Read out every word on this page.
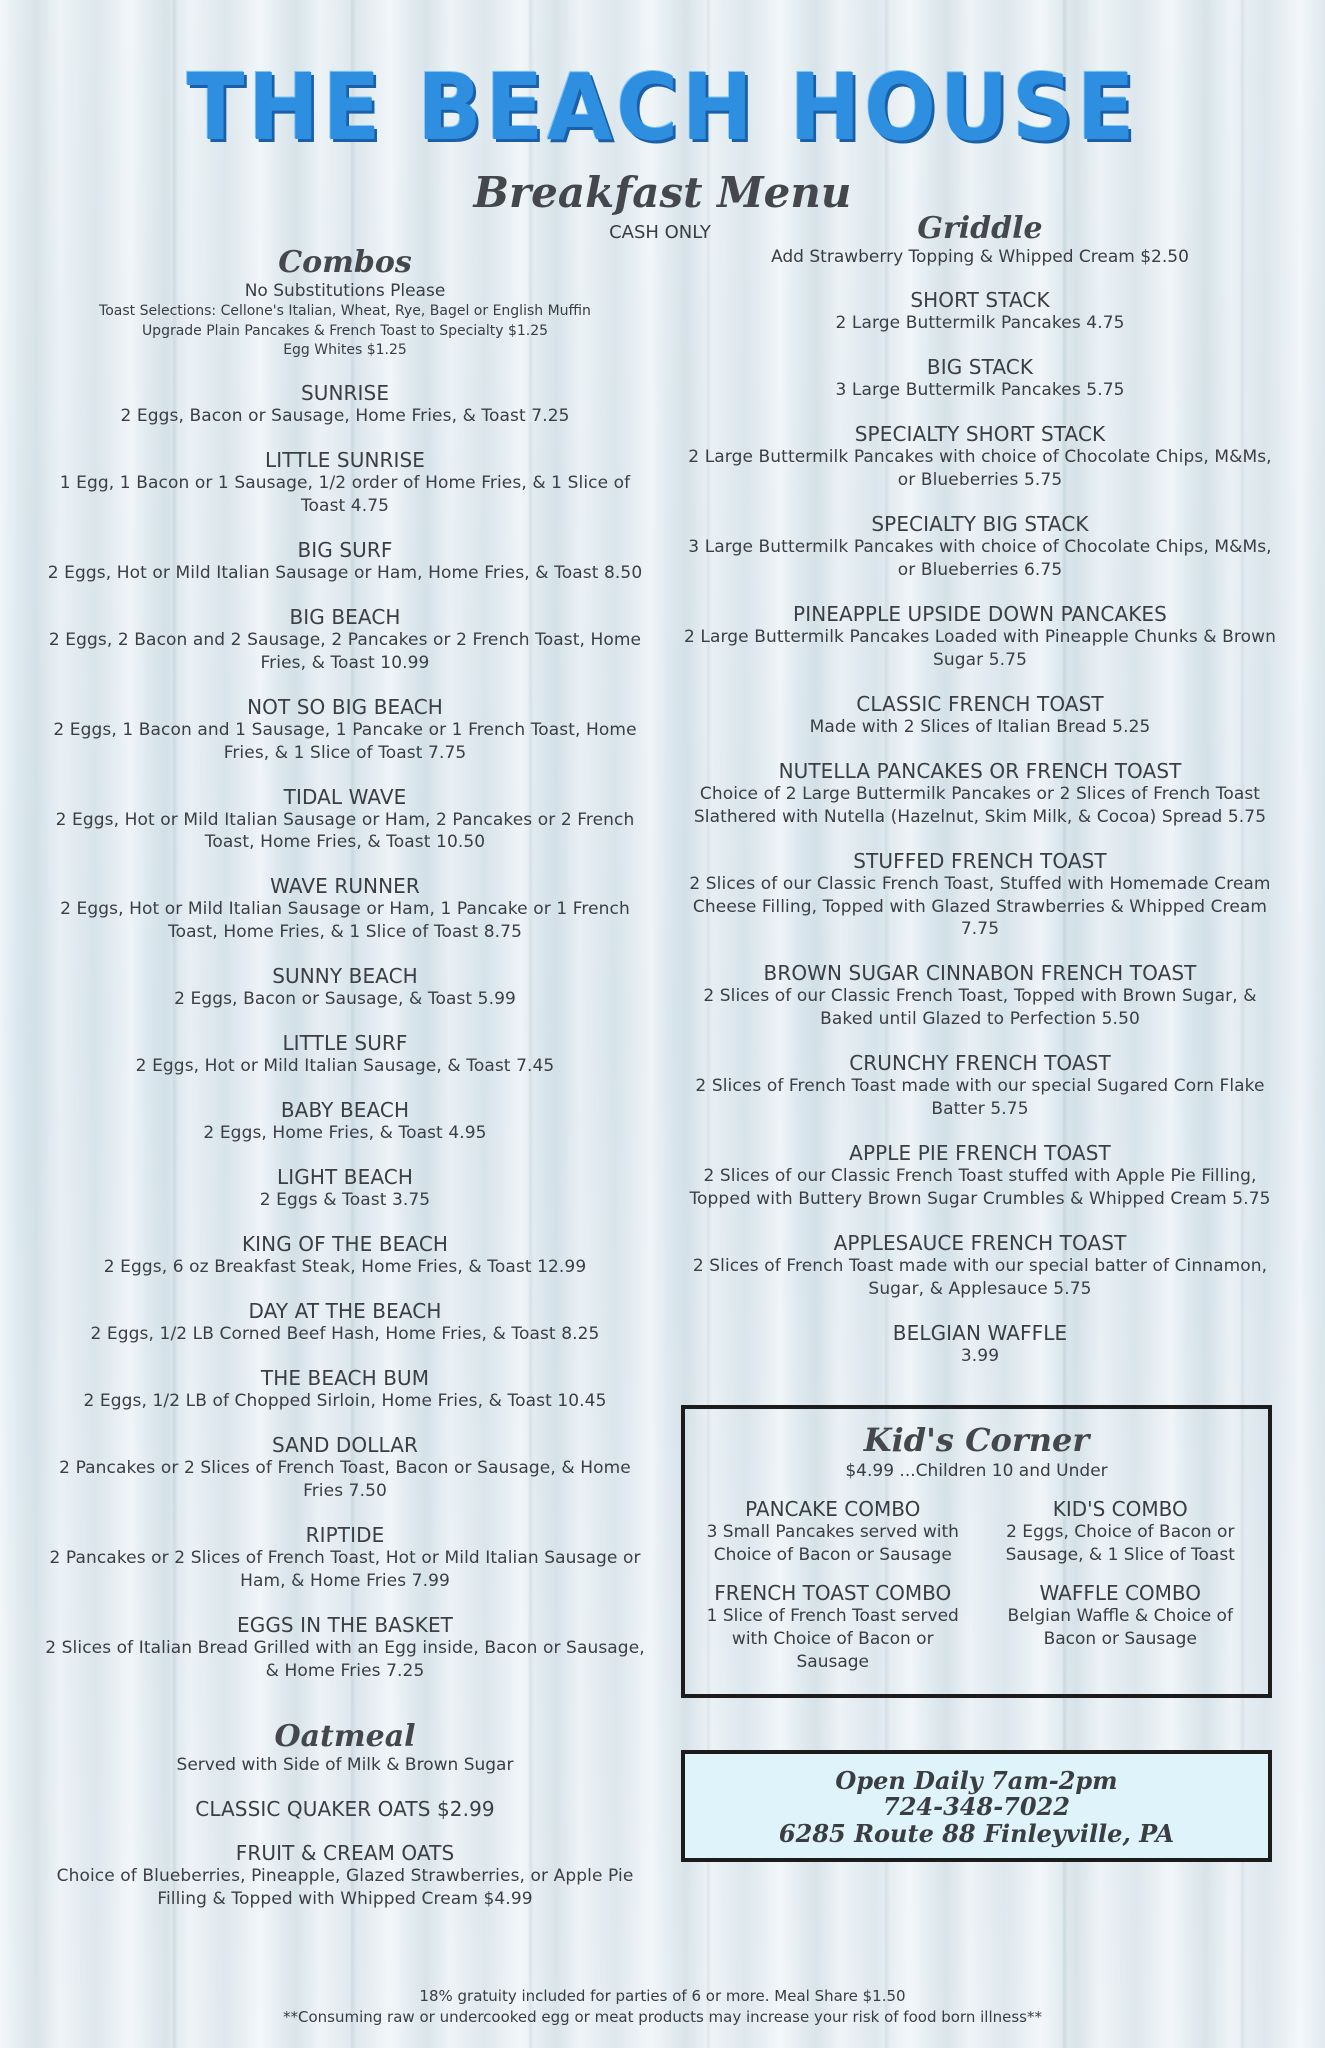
THE BEACH HOUSE
Breakfast Menu
CASH ONLY
Combos
No Substitutions Please
Toast Selections: Cellone's Italian, Wheat, Rye, Bagel or English Muffin
Upgrade Plain Pancakes & French Toast to Specialty $1.25
Egg Whites $1.25
SUNRISE
2 Eggs, Bacon or Sausage, Home Fries, & Toast 7.25
LITTLE SUNRISE
1 Egg, 1 Bacon or 1 Sausage, 1/2 order of Home Fries, & 1 Slice of Toast 4.75
BIG SURF
2 Eggs, Hot or Mild Italian Sausage or Ham, Home Fries, & Toast 8.50
BIG BEACH
2 Eggs, 2 Bacon and 2 Sausage, 2 Pancakes or 2 French Toast, Home Fries, & Toast 10.99
NOT SO BIG BEACH
2 Eggs, 1 Bacon and 1 Sausage, 1 Pancake or 1 French Toast, Home Fries, & 1 Slice of Toast 7.75
TIDAL WAVE
2 Eggs, Hot or Mild Italian Sausage or Ham, 2 Pancakes or 2 French Toast, Home Fries, & Toast 10.50
WAVE RUNNER
2 Eggs, Hot or Mild Italian Sausage or Ham, 1 Pancake or 1 French Toast, Home Fries, & 1 Slice of Toast 8.75
SUNNY BEACH
2 Eggs, Bacon or Sausage, & Toast 5.99
LITTLE SURF
2 Eggs, Hot or Mild Italian Sausage, & Toast 7.45
BABY BEACH
2 Eggs, Home Fries, & Toast 4.95
LIGHT BEACH
2 Eggs & Toast 3.75
KING OF THE BEACH
2 Eggs, 6 oz Breakfast Steak, Home Fries, & Toast 12.99
DAY AT THE BEACH
2 Eggs, 1/2 LB Corned Beef Hash, Home Fries, & Toast 8.25
THE BEACH BUM
2 Eggs, 1/2 LB of Chopped Sirloin, Home Fries, & Toast 10.45
SAND DOLLAR
2 Pancakes or 2 Slices of French Toast, Bacon or Sausage, & Home Fries 7.50
RIPTIDE
2 Pancakes or 2 Slices of French Toast, Hot or Mild Italian Sausage or Ham, & Home Fries 7.99
EGGS IN THE BASKET
2 Slices of Italian Bread Grilled with an Egg inside, Bacon or Sausage, & Home Fries 7.25
Oatmeal
Served with Side of Milk & Brown Sugar
CLASSIC QUAKER OATS $2.99
FRUIT & CREAM OATS
Choice of Blueberries, Pineapple, Glazed Strawberries, or Apple Pie Filling & Topped with Whipped Cream $4.99
Griddle
Add Strawberry Topping & Whipped Cream $2.50
SHORT STACK
2 Large Buttermilk Pancakes 4.75
BIG STACK
3 Large Buttermilk Pancakes 5.75
SPECIALTY SHORT STACK
2 Large Buttermilk Pancakes with choice of Chocolate Chips, M&Ms, or Blueberries 5.75
SPECIALTY BIG STACK
3 Large Buttermilk Pancakes with choice of Chocolate Chips, M&Ms, or Blueberries 6.75
PINEAPPLE UPSIDE DOWN PANCAKES
2 Large Buttermilk Pancakes Loaded with Pineapple Chunks & Brown Sugar 5.75
CLASSIC FRENCH TOAST
Made with 2 Slices of Italian Bread 5.25
NUTELLA PANCAKES OR FRENCH TOAST
Choice of 2 Large Buttermilk Pancakes or 2 Slices of French Toast Slathered with Nutella (Hazelnut, Skim Milk, & Cocoa) Spread 5.75
STUFFED FRENCH TOAST
2 Slices of our Classic French Toast, Stuffed with Homemade Cream Cheese Filling, Topped with Glazed Strawberries & Whipped Cream 7.75
BROWN SUGAR CINNABON FRENCH TOAST
2 Slices of our Classic French Toast, Topped with Brown Sugar, & Baked until Glazed to Perfection 5.50
CRUNCHY FRENCH TOAST
2 Slices of French Toast made with our special Sugared Corn Flake Batter 5.75
APPLE PIE FRENCH TOAST
2 Slices of our Classic French Toast stuffed with Apple Pie Filling, Topped with Buttery Brown Sugar Crumbles & Whipped Cream 5.75
APPLESAUCE FRENCH TOAST
2 Slices of French Toast made with our special batter of Cinnamon, Sugar, & Applesauce 5.75
BELGIAN WAFFLE
3.99
Kid's Corner
$4.99 ...Children 10 and Under
PANCAKE COMBO
3 Small Pancakes served with Choice of Bacon or Sausage
KID'S COMBO
2 Eggs, Choice of Bacon or Sausage, & 1 Slice of Toast
FRENCH TOAST COMBO
1 Slice of French Toast served with Choice of Bacon or Sausage
WAFFLE COMBO
Belgian Waffle & Choice of Bacon or Sausage
Open Daily 7am-2pm
724-348-7022
6285 Route 88 Finleyville, PA
18% gratuity included for parties of 6 or more. Meal Share $1.50
**Consuming raw or undercooked egg or meat products may increase your risk of food born illness**
